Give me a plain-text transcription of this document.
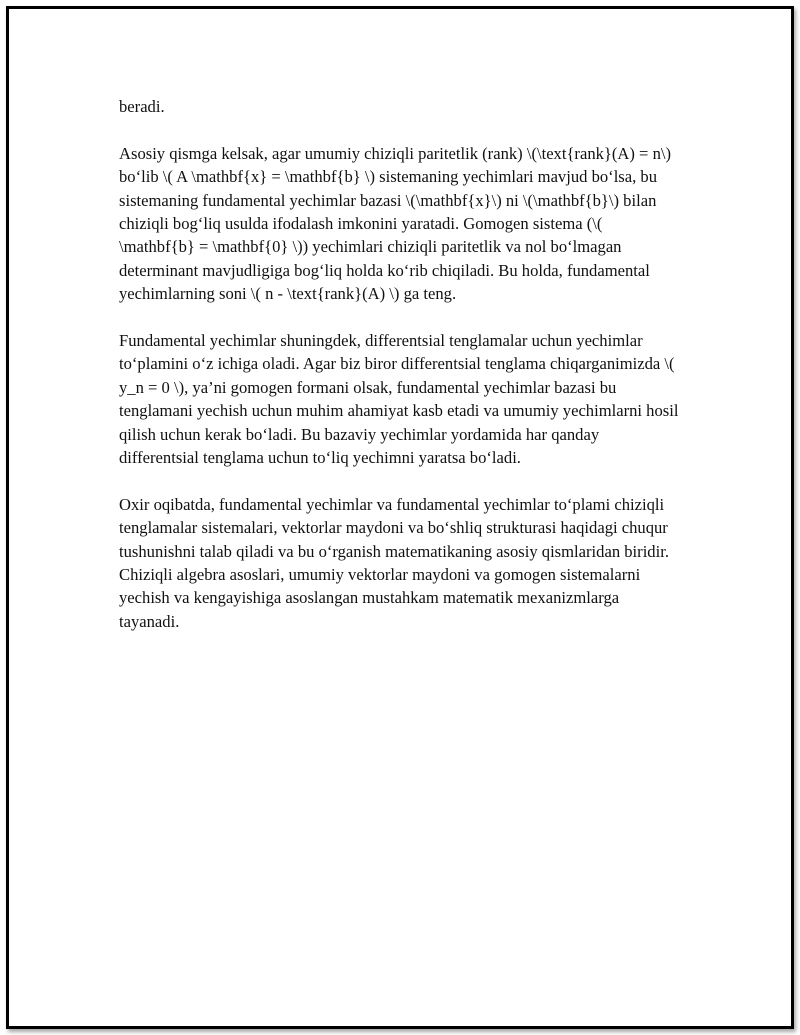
beradi.

Asosiy qismga kelsak, agar umumiy chiziqli paritetlik (rank) \(\text{rank}(A) = n\) bo‘lib \( A \mathbf{x} = \mathbf{b} \) sistemaning yechimlari mavjud bo‘lsa, bu sistemaning fundamental yechimlar bazasi \(\mathbf{x}\) ni \(\mathbf{b}\) bilan chiziqli bog‘liq usulda ifodalash imkonini yaratadi. Gomogen sistema (\( \mathbf{b} = \mathbf{0} \)) yechimlari chiziqli paritetlik va nol bo‘lmagan determinant mavjudligiga bog‘liq holda ko‘rib chiqiladi. Bu holda, fundamental yechimlarning soni \( n - \text{rank}(A) \) ga teng.

Fundamental yechimlar shuningdek, differentsial tenglamalar uchun yechimlar to‘plamini o‘z ichiga oladi. Agar biz biror differentsial tenglama chiqarganimizda \( y_n = 0 \), ya’ni gomogen formani olsak, fundamental yechimlar bazasi bu tenglamani yechish uchun muhim ahamiyat kasb etadi va umumiy yechimlarni hosil qilish uchun kerak bo‘ladi. Bu bazaviy yechimlar yordamida har qanday differentsial tenglama uchun to‘liq yechimni yaratsa bo‘ladi.

Oxir oqibatda, fundamental yechimlar va fundamental yechimlar to‘plami chiziqli tenglamalar sistemalari, vektorlar maydoni va bo‘shliq strukturasi haqidagi chuqur tushunishni talab qiladi va bu o‘rganish matematikaning asosiy qismlaridan biridir. Chiziqli algebra asoslari, umumiy vektorlar maydoni va gomogen sistemalarni yechish va kengayishiga asoslangan mustahkam matematik mexanizmlarga tayanadi.
